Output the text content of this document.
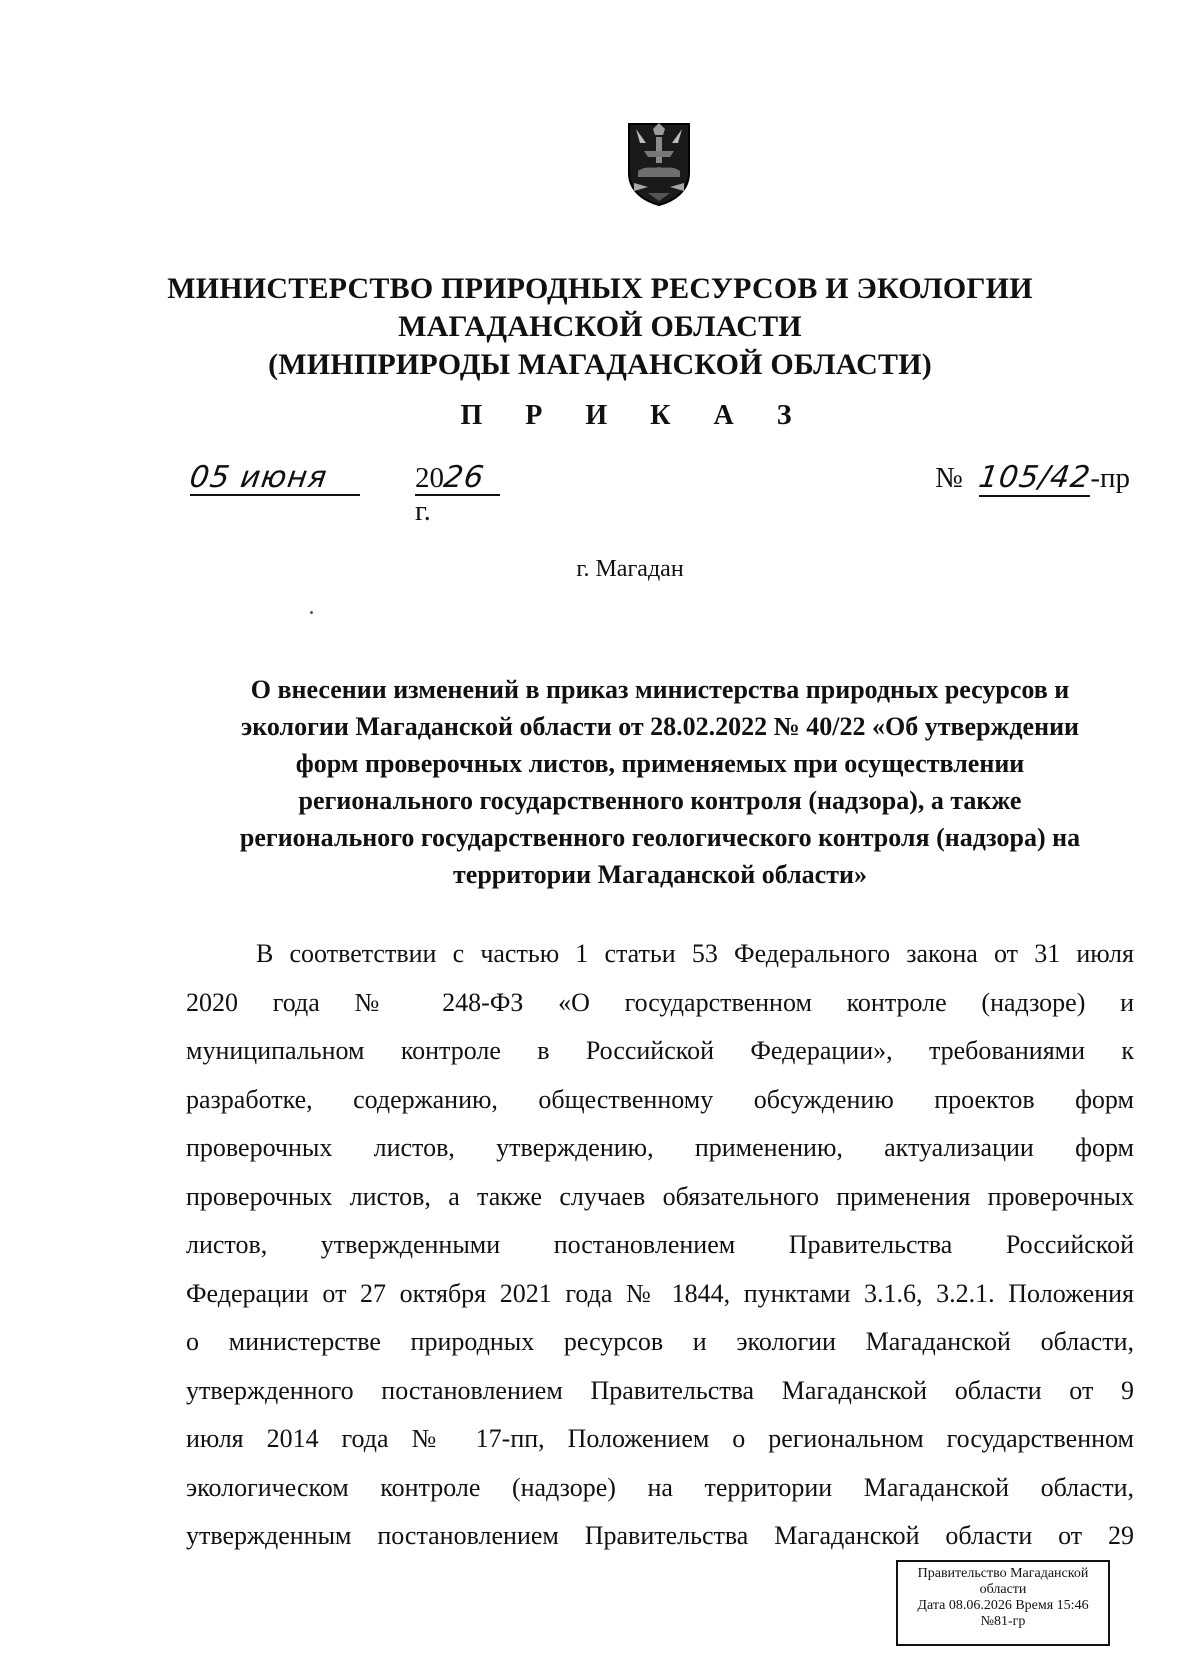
МИНИСТЕРСТВО ПРИРОДНЫХ РЕСУРСОВ И ЭКОЛОГИИ
МАГАДАНСКОЙ ОБЛАСТИ
(МИНПРИРОДЫ МАГАДАНСКОЙ ОБЛАСТИ)
П Р И К А З
05 июня	2026г.
№ 105/42-пр
г. Магадан
О внесении изменений в приказ министерства природных ресурсов и
экологии Магаданской области от 28.02.2022 № 40/22 «Об утверждении
форм проверочных листов, применяемых при осуществлении
регионального государственного контроля (надзора), а также
регионального государственного геологического контроля (надзора) на
территории Магаданской области»
В соответствии с частью 1 статьи 53 Федерального закона от 31 июля
2020 года № 248-ФЗ «О государственном контроле (надзоре) и
муниципальном контроле в Российской Федерации», требованиями к
разработке, содержанию, общественному обсуждению проектов форм
проверочных листов, утверждению, применению, актуализации форм
проверочных листов, а также случаев обязательного применения проверочных
листов, утвержденными постановлением Правительства Российской
Федерации от 27 октября 2021 года № 1844, пунктами 3.1.6, 3.2.1. Положения
о министерстве природных ресурсов и экологии Магаданской области,
утвержденного постановлением Правительства Магаданской области от 9
июля 2014 года № 17-пп, Положением о региональном государственном
экологическом контроле (надзоре) на территории Магаданской области,
утвержденным постановлением Правительства Магаданской области от 29
Правительство Магаданской
области
Дата 08.06.2026 Время 15:46
№81-гр
